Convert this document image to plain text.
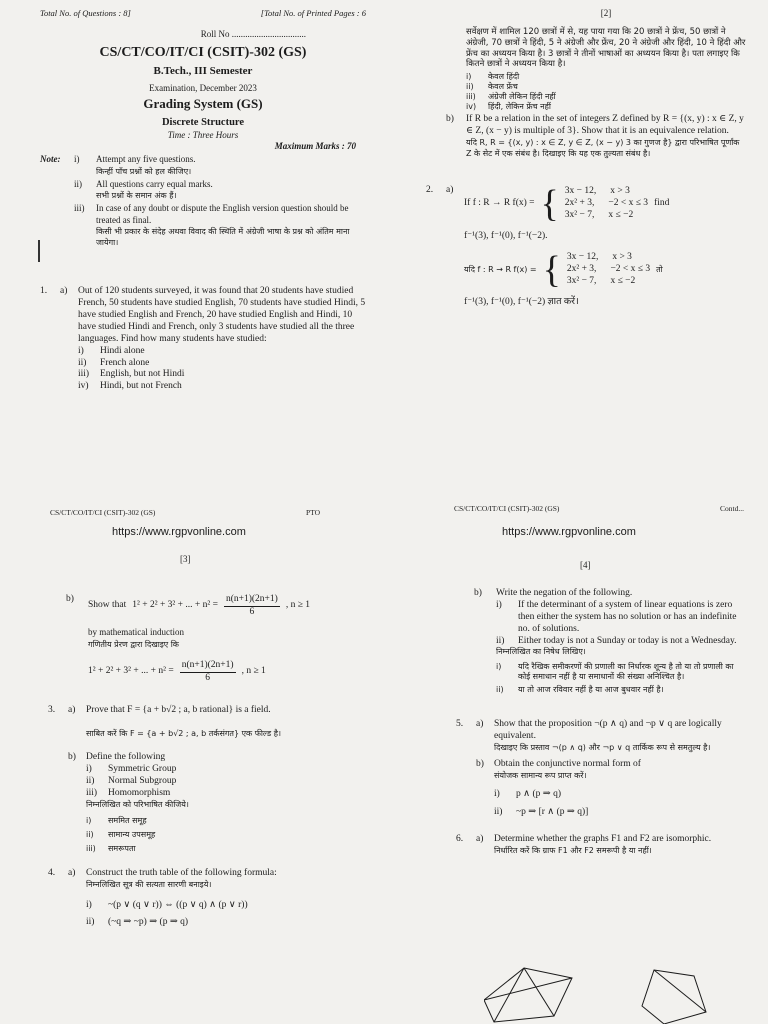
Total No. of Questions : 8]	[Total No. of Printed Pages : 6
Roll No .................................
CS/CT/CO/IT/CI (CSIT)-302 (GS)
B.Tech., III Semester
Examination, December 2023
Grading System (GS)
Discrete Structure
Time : Three Hours
Maximum Marks : 70
Note:	i)	Attempt any five questions.
किन्हीं पाँच प्रश्नों को हल कीजिए।
ii)	All questions carry equal marks.
सभी प्रश्नों के समान अंक हैं।
iii)	In case of any doubt or dispute the English version question should be treated as final.
किसी भी प्रकार के संदेह अथवा विवाद की स्थिति में अंग्रेजी भाषा के प्रश्न को अंतिम माना जायेगा।
1.	a)	Out of 120 students surveyed, it was found that 20 students have studied French, 50 students have studied English, 70 students have studied Hindi, 5 have studied English and French, 20 have studied English and Hindi, 10 have studied Hindi and French, only 3 students have studied all the three languages. Find how many students have studied:
i)	Hindi alone
ii)	French alone
iii)	English, but not Hindi
iv)	Hindi, but not French
CS/CT/CO/IT/CI (CSIT)-302 (GS)	PTO
https://www.rgpvonline.com
[2]
सर्वेक्षण में शामिल 120 छात्रों में से, यह पाया गया कि 20 छात्रों ने फ्रेंच, 50 छात्रों ने अंग्रेजी, 70 छात्रों ने हिंदी, 5 ने अंग्रेजी और फ्रेंच, 20 ने अंग्रेजी और हिंदी, 10 ने हिंदी और फ्रेंच का अध्ययन किया है। 3 छात्रों ने तीनों भाषाओं का अध्ययन किया है। पता लगाइए कि कितने छात्रों ने अध्ययन किया है।
i)	केवल हिंदी
ii)	केवल फ्रेंच
iii)	अंग्रेजी लेकिन हिंदी नहीं
iv)	हिंदी, लेकिन फ्रेंच नहीं
b)	If R be a relation in the set of integers Z defined by R = {(x, y) : x ∈ Z, y ∈ Z, (x − y) is multiple of 3}. Show that it is an equivalence relation.
यदि R, R = {(x, y) : x ∈ Z, y ∈ Z, (x − y) 3 का गुणज है} द्वारा परिभाषित पूर्णांक Z के सेट में एक संबंध है। दिखाइए कि यह एक तुल्यता संबंध है।
2.	a)
If f : R → R f(x) = { 3x − 12, x > 3
2x² + 3, −2 < x ≤ 3
3x² − 7, x ≤ −2
find
f⁻¹(3), f⁻¹(0), f⁻¹(−2).
यदि f : R → R f(x) = { 3x − 12, x > 3
2x² + 3, −2 < x ≤ 3
3x² − 7, x ≤ −2
तो
f⁻¹(3), f⁻¹(0), f⁻¹(−2) ज्ञात करें।
CS/CT/CO/IT/CI (CSIT)-302 (GS)	Contd...
https://www.rgpvonline.com
[3]
b)
Show that 1² + 2² + 3² + ... + $n^2 = \frac{n(n+1)(2n+1)}{6}$ , n ≥ 1
by mathematical induction
गणितीय प्रेरण द्वारा दिखाइए कि
1² + 2² + 3² + ... + $n^2 = \frac{n(n+1)(2n+1)}{6}$ , n ≥ 1
3.	a)	Prove that F = {a + b√2 ; a, b rational} is a field.

साबित करें कि F = {a + b√2 ; a, b तर्कसंगत} एक फील्ड है।
b)	Define the following
i)	Symmetric Group
ii)	Normal Subgroup
iii)	Homomorphism
निम्नलिखित को परिभाषित कीजिये।
i)	सममित समूह
ii)	सामान्य उपसमूह
iii)	समरूपता
4.	a)	Construct the truth table of the following formula:
निम्नलिखित सूत्र की सत्यता सारणी बनाइये।
i)	~(p ∨ (q ∨ r)) ⇔ ((p ∨ q) ∧ (p ∨ r))
ii)	(~q ⇒ ~p) ⇒ (p ⇒ q)
[4]
b)	Write the negation of the following.
i)	If the determinant of a system of linear equations is zero then either the system has no solution or has an indefinite no. of solutions.
ii)	Either today is not a Sunday or today is not a Wednesday.
निम्नलिखित का निषेध लिखिए।
i)	यदि रैखिक समीकरणों की प्रणाली का निर्धारक शून्य है तो या तो प्रणाली का कोई समाधान नहीं है या समाधानों की संख्या अनिश्चित है।
ii)	या तो आज रविवार नहीं है या आज बुधवार नहीं है।
5.	a)	Show that the proposition ¬(p ∧ q) and ¬p ∨ q are logically equivalent.
दिखाइए कि प्रस्ताव ¬(p ∧ q) और ¬p ∨ q तार्किक रूप से समतुल्य है।
b)	Obtain the conjunctive normal form of
संयोजक सामान्य रूप प्राप्त करें।
i)	p ∧ (p ⇒ q)
ii)	~p ⇒ [r ∧ (p ⇒ q)]
6.	a)	Determine whether the graphs F1 and F2 are isomorphic.
निर्धारित करें कि ग्राफ F1 और F2 समरूपी है या नहीं।
